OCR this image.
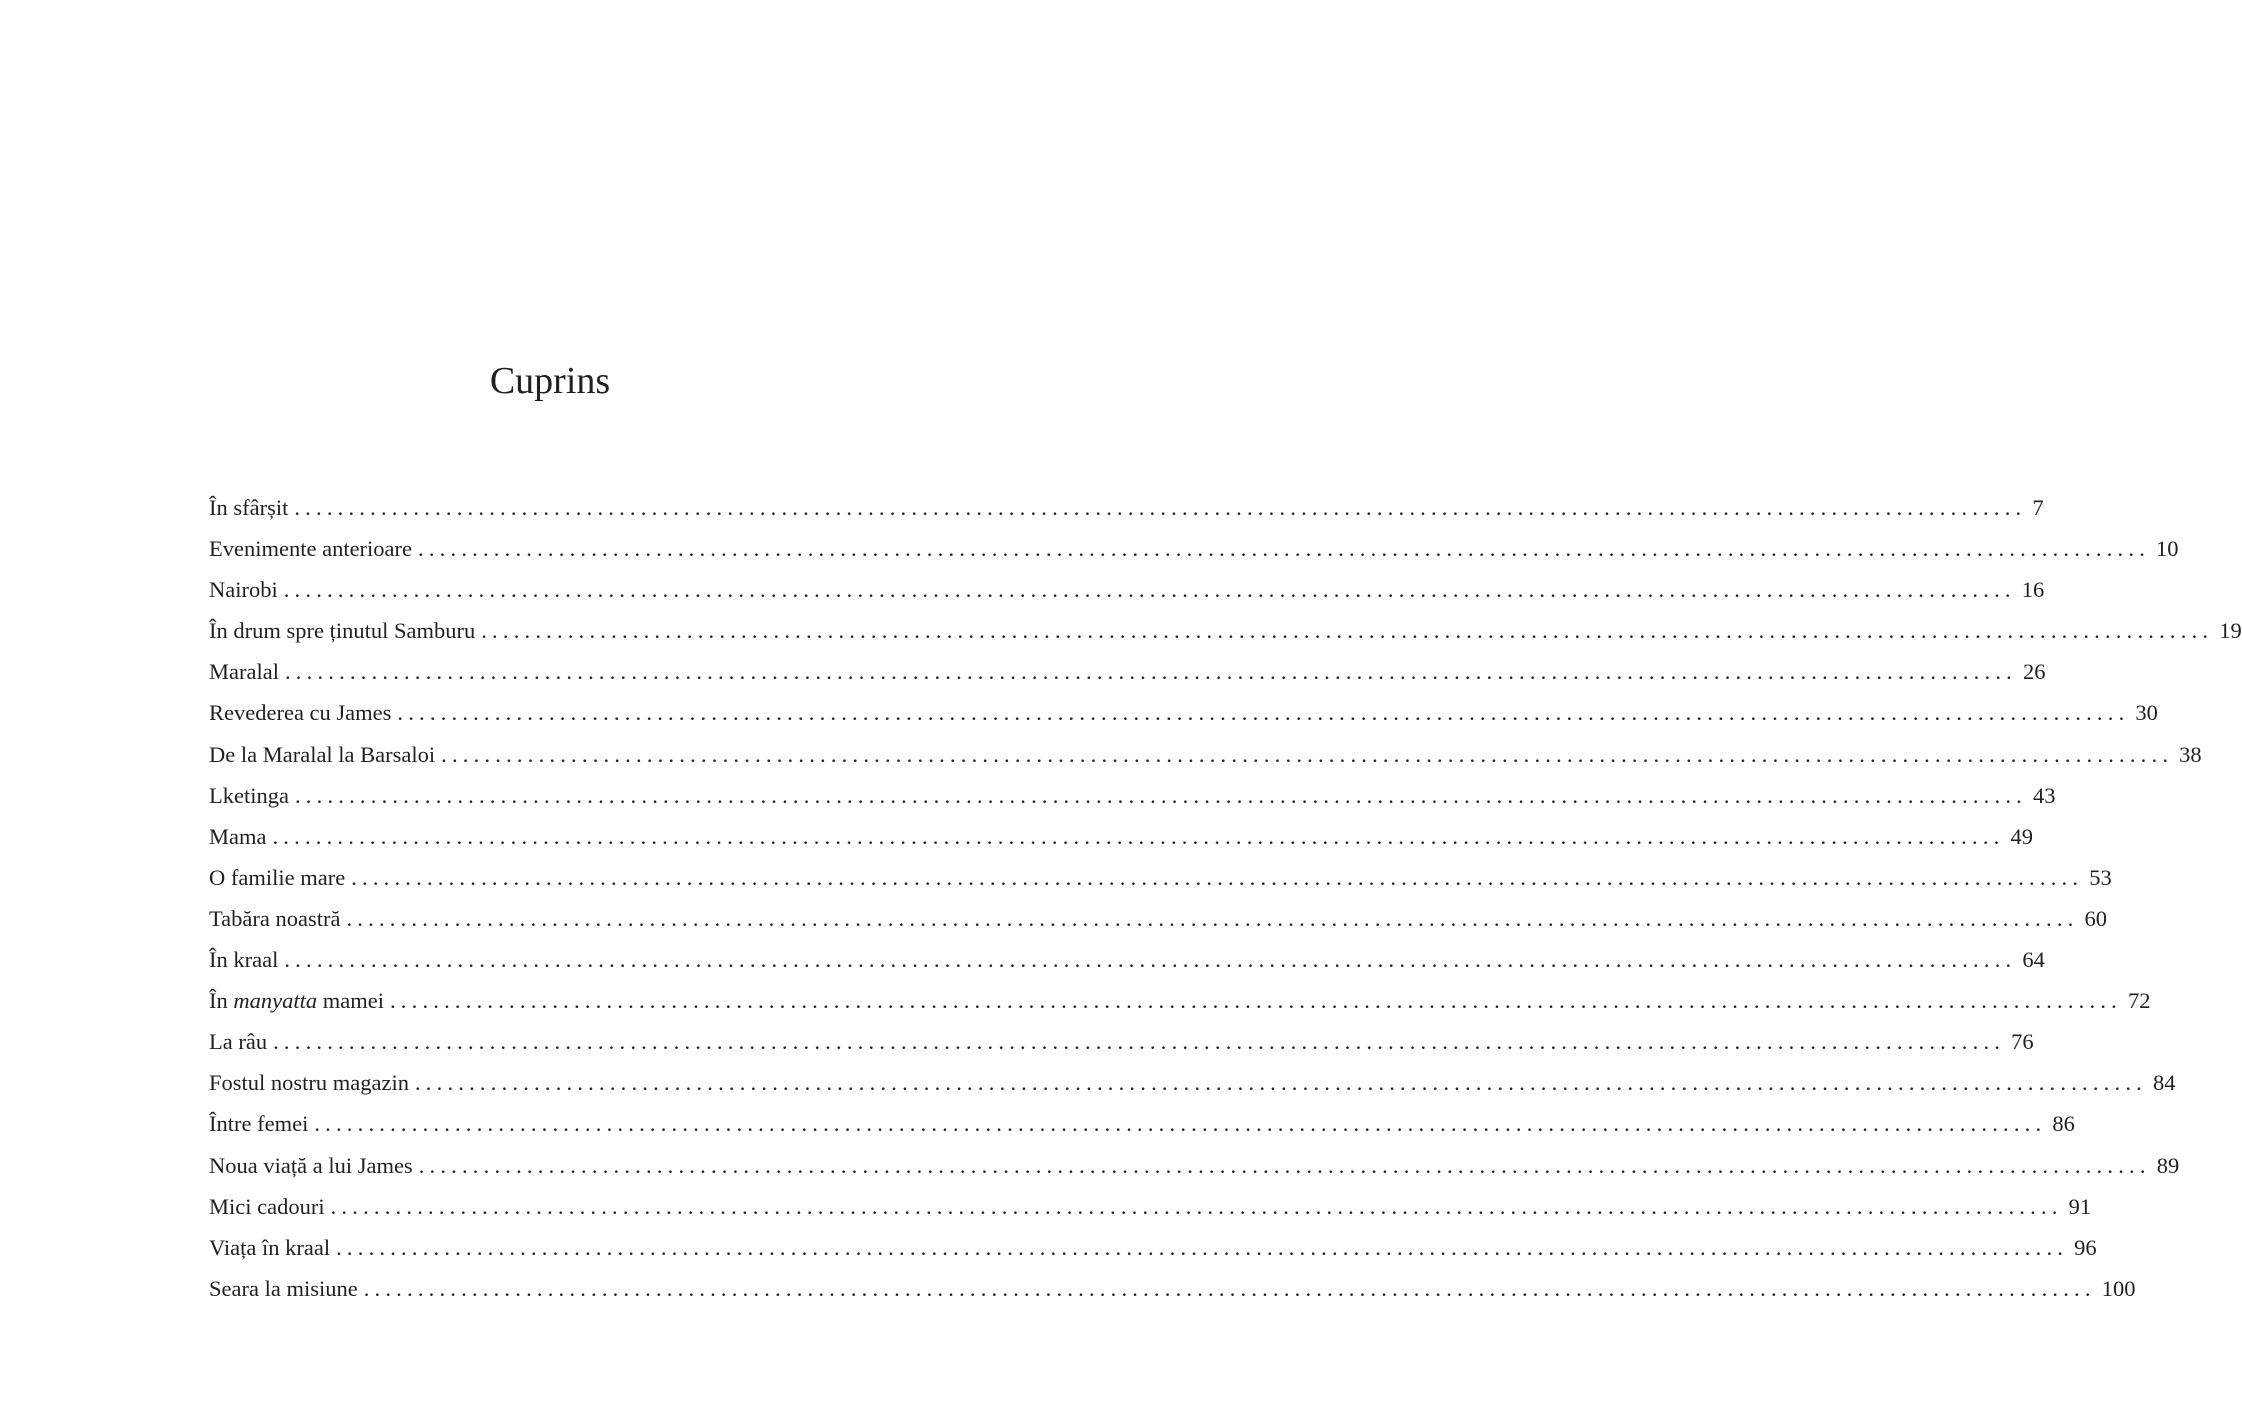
Cuprins
În sfârșit ................................................................................................................................................................ 7
Evenimente anterioare ................................................................................................................................................................ 10
Nairobi ................................................................................................................................................................ 16
În drum spre ținutul Samburu ................................................................................................................................................................ 19
Maralal ................................................................................................................................................................ 26
Revederea cu James ................................................................................................................................................................ 30
De la Maralal la Barsaloi ................................................................................................................................................................ 38
Lketinga ................................................................................................................................................................ 43
Mama ................................................................................................................................................................ 49
O familie mare ................................................................................................................................................................ 53
Tabăra noastră ................................................................................................................................................................ 60
În kraal ................................................................................................................................................................ 64
În manyatta mamei ................................................................................................................................................................ 72
La râu ................................................................................................................................................................ 76
Fostul nostru magazin ................................................................................................................................................................ 84
Între femei ................................................................................................................................................................ 86
Noua viață a lui James ................................................................................................................................................................ 89
Mici cadouri ................................................................................................................................................................ 91
Viața în kraal ................................................................................................................................................................ 96
Seara la misiune ................................................................................................................................................................ 100
